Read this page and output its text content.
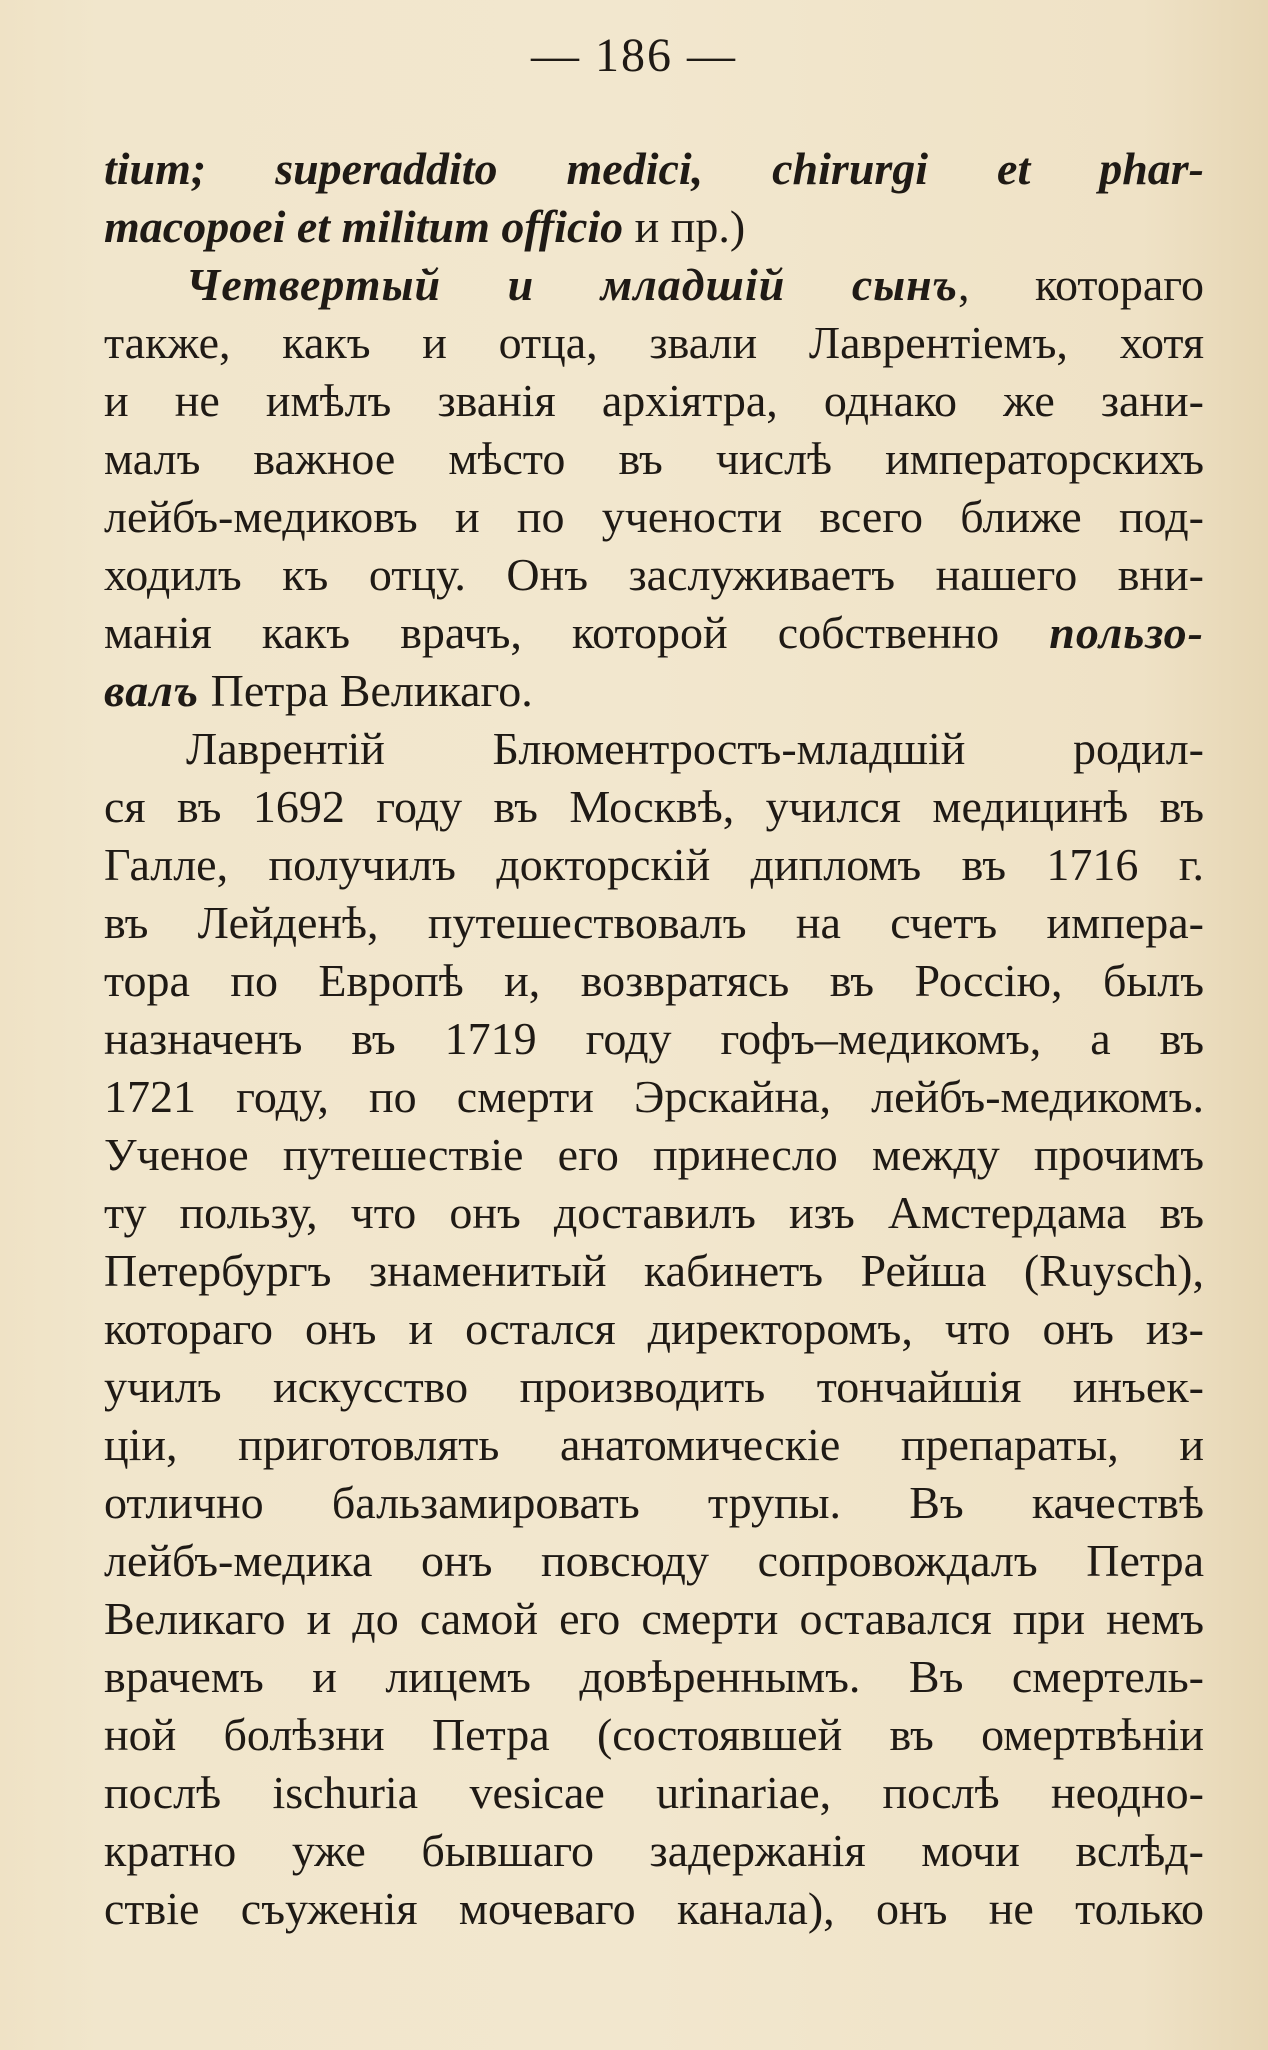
— 186 —
tium; superaddito medici, chirurgi et phar-
macopoei et militum officio и пр.)
Четвертый и младшій сынъ, котораго
также, какъ и отца, звали Лаврентіемъ, хотя
и не имѣлъ званія архіятра, однако же зани-
малъ важное мѣсто въ числѣ императорскихъ
лейбъ-медиковъ и по учености всего ближе под-
ходилъ къ отцу. Онъ заслуживаетъ нашего вни-
манія какъ врачъ, которой собственно пользо-
валъ Петра Великаго.
Лаврентій Блюментростъ-младшій родил-
ся въ 1692 году въ Москвѣ, учился медицинѣ въ
Галле, получилъ докторскій дипломъ въ 1716 г.
въ Лейденѣ, путешествовалъ на счетъ импера-
тора по Европѣ и, возвратясь въ Россію, былъ
назначенъ въ 1719 году гофъ–медикомъ, а въ
1721 году, по смерти Эрскайна, лейбъ-медикомъ.
Ученое путешествіе его принесло между прочимъ
ту пользу, что онъ доставилъ изъ Амстердама въ
Петербургъ знаменитый кабинетъ Рейша (Ruysch),
котораго онъ и остался директоромъ, что онъ из-
училъ искусство производить тончайшія инъек-
ціи, приготовлять анатомическіе препараты, и
отлично бальзамировать трупы. Въ качествѣ
лейбъ-медика онъ повсюду сопровождалъ Петра
Великаго и до самой его смерти оставался при немъ
врачемъ и лицемъ довѣреннымъ. Въ смертель-
ной болѣзни Петра (состоявшей въ омертвѣніи
послѣ ischuria vesicae urinariae, послѣ неодно-
кратно уже бывшаго задержанія мочи вслѣд-
ствіе съуженія мочеваго канала), онъ не только
